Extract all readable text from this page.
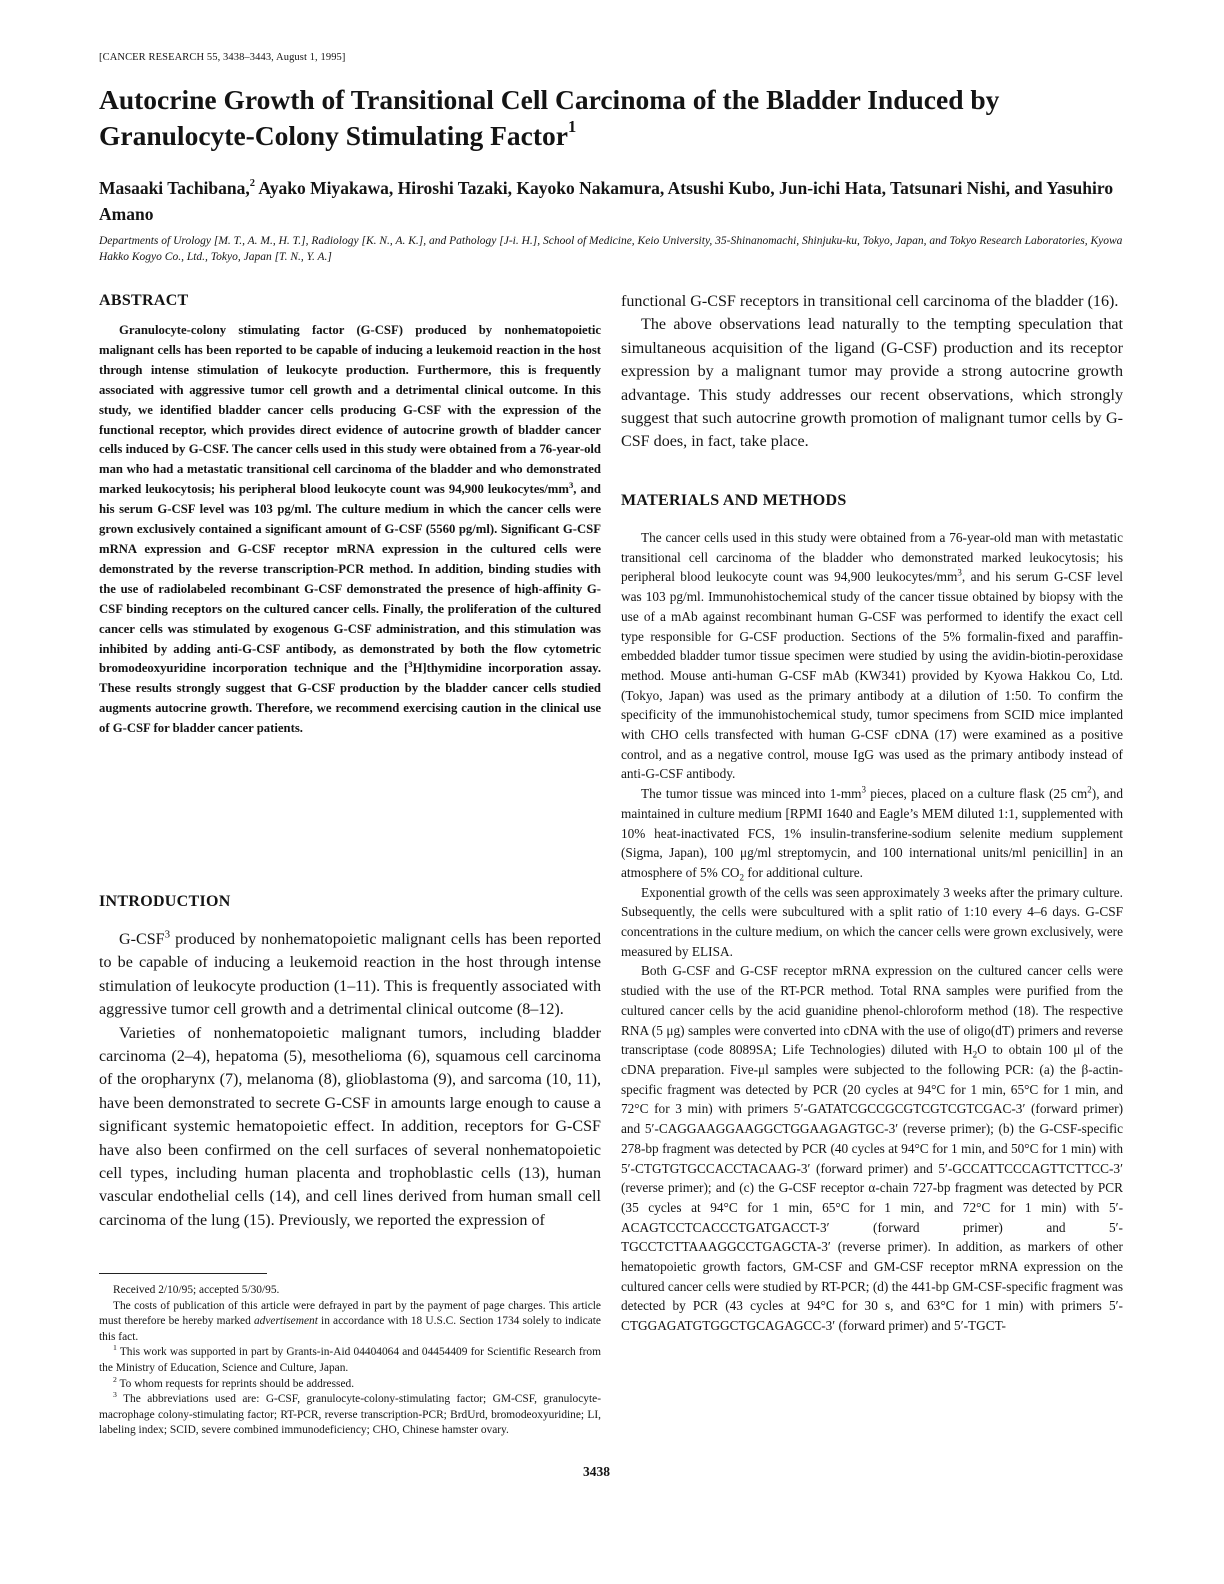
[CANCER RESEARCH 55, 3438–3443, August 1, 1995]
Autocrine Growth of Transitional Cell Carcinoma of the Bladder Induced by Granulocyte-Colony Stimulating Factor$^1$
Masaaki Tachibana,$^2$ Ayako Miyakawa, Hiroshi Tazaki, Kayoko Nakamura, Atsushi Kubo, Jun-ichi Hata, Tatsunari Nishi, and Yasuhiro Amano
Departments of Urology [M. T., A. M., H. T.], Radiology [K. N., A. K.], and Pathology [J-i. H.], School of Medicine, Keio University, 35-Shinanomachi, Shinjuku-ku, Tokyo, Japan, and Tokyo Research Laboratories, Kyowa Hakko Kogyo Co., Ltd., Tokyo, Japan [T. N., Y. A.]
ABSTRACT
Granulocyte-colony stimulating factor (G-CSF) produced by nonhematopoietic malignant cells has been reported to be capable of inducing a leukemoid reaction in the host through intense stimulation of leukocyte production. Furthermore, this is frequently associated with aggressive tumor cell growth and a detrimental clinical outcome. In this study, we identified bladder cancer cells producing G-CSF with the expression of the functional receptor, which provides direct evidence of autocrine growth of bladder cancer cells induced by G-CSF. The cancer cells used in this study were obtained from a 76-year-old man who had a metastatic transitional cell carcinoma of the bladder and who demonstrated marked leukocytosis; his peripheral blood leukocyte count was 94,900 leukocytes/$mm^3$, and his serum G-CSF level was 103 pg/ml. The culture medium in which the cancer cells were grown exclusively contained a significant amount of G-CSF (5560 pg/ml). Significant G-CSF mRNA expression and G-CSF receptor mRNA expression in the cultured cells were demonstrated by the reverse transcription-PCR method. In addition, binding studies with the use of radiolabeled recombinant G-CSF demonstrated the presence of high-affinity G-CSF binding receptors on the cultured cancer cells. Finally, the proliferation of the cultured cancer cells was stimulated by exogenous G-CSF administration, and this stimulation was inhibited by adding anti-G-CSF antibody, as demonstrated by both the flow cytometric bromodeoxyuridine incorporation technique and the [$^3$H]thymidine incorporation assay. These results strongly suggest that G-CSF production by the bladder cancer cells studied augments autocrine growth. Therefore, we recommend exercising caution in the clinical use of G-CSF for bladder cancer patients.
INTRODUCTION

G-CSF$^3$ produced by nonhematopoietic malignant cells has been reported to be capable of inducing a leukemoid reaction in the host through intense stimulation of leukocyte production (1–11). This is frequently associated with aggressive tumor cell growth and a detrimental clinical outcome (8–12).

Varieties of nonhematopoietic malignant tumors, including bladder carcinoma (2–4), hepatoma (5), mesothelioma (6), squamous cell carcinoma of the oropharynx (7), melanoma (8), glioblastoma (9), and sarcoma (10, 11), have been demonstrated to secrete G-CSF in amounts large enough to cause a significant systemic hematopoietic effect. In addition, receptors for G-CSF have also been confirmed on the cell surfaces of several nonhematopoietic cell types, including human placenta and trophoblastic cells (13), human vascular endothelial cells (14), and cell lines derived from human small cell carcinoma of the lung (15). Previously, we reported the expression of

Received 2/10/95; accepted 5/30/95.

The costs of publication of this article were defrayed in part by the payment of page charges. This article must therefore be hereby marked advertisement in accordance with 18 U.S.C. Section 1734 solely to indicate this fact.

$^1$ This work was supported in part by Grants-in-Aid 04404064 and 04454409 for Scientific Research from the Ministry of Education, Science and Culture, Japan.

$^2$ To whom requests for reprints should be addressed.

$^3$ The abbreviations used are: G-CSF, granulocyte-colony-stimulating factor; GM-CSF, granulocyte-macrophage colony-stimulating factor; RT-PCR, reverse transcription-PCR; BrdUrd, bromodeoxyuridine; LI, labeling index; SCID, severe combined immunodeficiency; CHO, Chinese hamster ovary.

functional G-CSF receptors in transitional cell carcinoma of the bladder (16).

The above observations lead naturally to the tempting speculation that simultaneous acquisition of the ligand (G-CSF) production and its receptor expression by a malignant tumor may provide a strong autocrine growth advantage. This study addresses our recent observations, which strongly suggest that such autocrine growth promotion of malignant tumor cells by G-CSF does, in fact, take place.

MATERIALS AND METHODS

The cancer cells used in this study were obtained from a 76-year-old man with metastatic transitional cell carcinoma of the bladder who demonstrated marked leukocytosis; his peripheral blood leukocyte count was 94,900 leukocytes/$mm^3$, and his serum G-CSF level was 103 pg/ml. Immunohistochemical study of the cancer tissue obtained by biopsy with the use of a mAb against recombinant human G-CSF was performed to identify the exact cell type responsible for G-CSF production. Sections of the 5% formalin-fixed and paraffin-embedded bladder tumor tissue specimen were studied by using the avidin-biotin-peroxidase method. Mouse anti-human G-CSF mAb (KW341) provided by Kyowa Hakkou Co, Ltd. (Tokyo, Japan) was used as the primary antibody at a dilution of 1:50. To confirm the specificity of the immunohistochemical study, tumor specimens from SCID mice implanted with CHO cells transfected with human G-CSF cDNA (17) were examined as a positive control, and as a negative control, mouse IgG was used as the primary antibody instead of anti-G-CSF antibody.

The tumor tissue was minced into $1-mm^3$ pieces, placed on a culture flask (25 $cm^2$), and maintained in culture medium [RPMI 1640 and Eagle’s MEM diluted 1:1, supplemented with 10% heat-inactivated FCS, 1% insulin-transferine-sodium selenite medium supplement (Sigma, Japan), 100 μg/ml streptomycin, and 100 international units/ml penicillin] in an atmosphere of 5% $CO_2$ for additional culture.

Exponential growth of the cells was seen approximately 3 weeks after the primary culture. Subsequently, the cells were subcultured with a split ratio of 1:10 every 4–6 days. G-CSF concentrations in the culture medium, on which the cancer cells were grown exclusively, were measured by ELISA.

Both G-CSF and G-CSF receptor mRNA expression on the cultured cancer cells were studied with the use of the RT-PCR method. Total RNA samples were purified from the cultured cancer cells by the acid guanidine phenol-chloroform method (18). The respective RNA (5 μg) samples were converted into cDNA with the use of oligo(dT) primers and reverse transcriptase (code 8089SA; Life Technologies) diluted with $H_2O$ to obtain 100 μl of the cDNA preparation. Five-μl samples were subjected to the following PCR: (a) the β-actin-specific fragment was detected by PCR (20 cycles at 94°C for 1 min, 65°C for 1 min, and 72°C for 3 min) with primers 5′-GATATCGCCGCGTCGTCGTCGAC-3′ (forward primer) and 5′-CAGGAAGGAAGGCTGGAAGAGTGC-3′ (reverse primer); (b) the G-CSF-specific 278-bp fragment was detected by PCR (40 cycles at 94°C for 1 min, and 50°C for 1 min) with 5′-CTGTGTGCCACCTACAAG-3′ (forward primer) and 5′-GCCATTCCCAGTTCTTCC-3′ (reverse primer); and (c) the G-CSF receptor α-chain 727-bp fragment was detected by PCR (35 cycles at 94°C for 1 min, 65°C for 1 min, and 72°C for 1 min) with 5′-ACAGTCCTCACCCTGATGACCT-3′ (forward primer) and 5′-TGCCTCTTAAAGGCCTGAGCTA-3′ (reverse primer). In addition, as markers of other hematopoietic growth factors, GM-CSF and GM-CSF receptor mRNA expression on the cultured cancer cells were studied by RT-PCR; (d) the 441-bp GM-CSF-specific fragment was detected by PCR (43 cycles at 94°C for 30 s, and 63°C for 1 min) with primers 5′-CTGGAGATGTGGCTGCAGAGCC-3′ (forward primer) and 5′-TGCT-

3438
